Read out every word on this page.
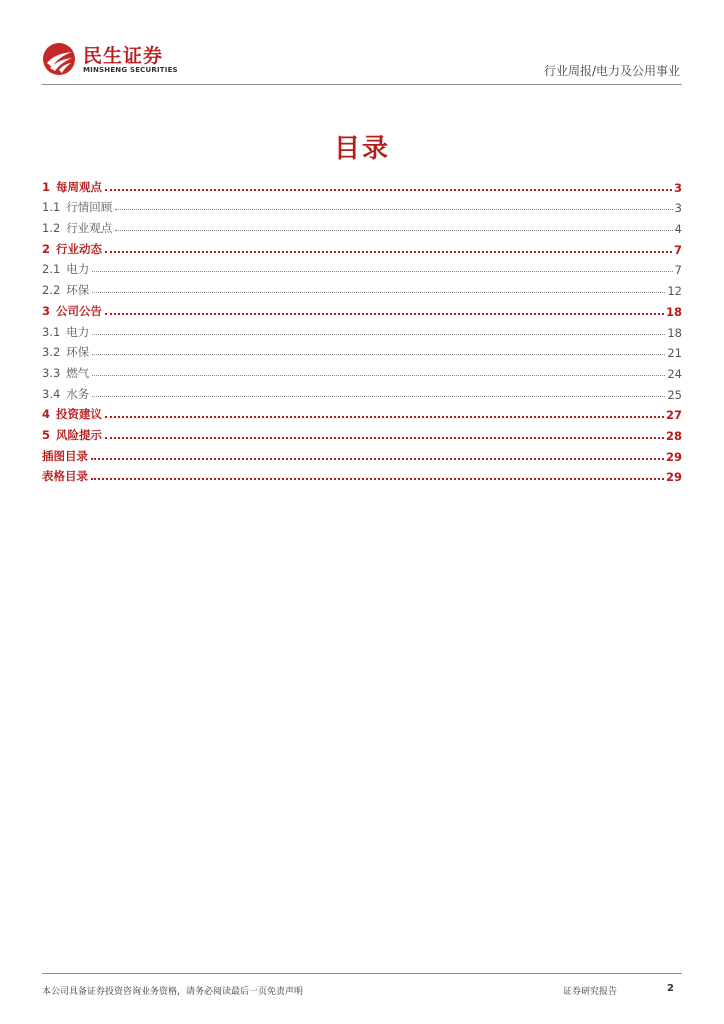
民生证券
MINSHENG SECURITIES	行业周报/电力及公用事业
目录
1 每周观点	3
1.1 行情回顾	3
1.2 行业观点	4
2 行业动态	7
2.1 电力	7
2.2 环保	12
3 公司公告	18
3.1 电力	18
3.2 环保	21
3.3 燃气	24
3.4 水务	25
4 投资建议	27
5 风险提示	28
插图目录	29
表格目录	29
本公司具备证券投资咨询业务资格，请务必阅读最后一页免责声明	证券研究报告	2
